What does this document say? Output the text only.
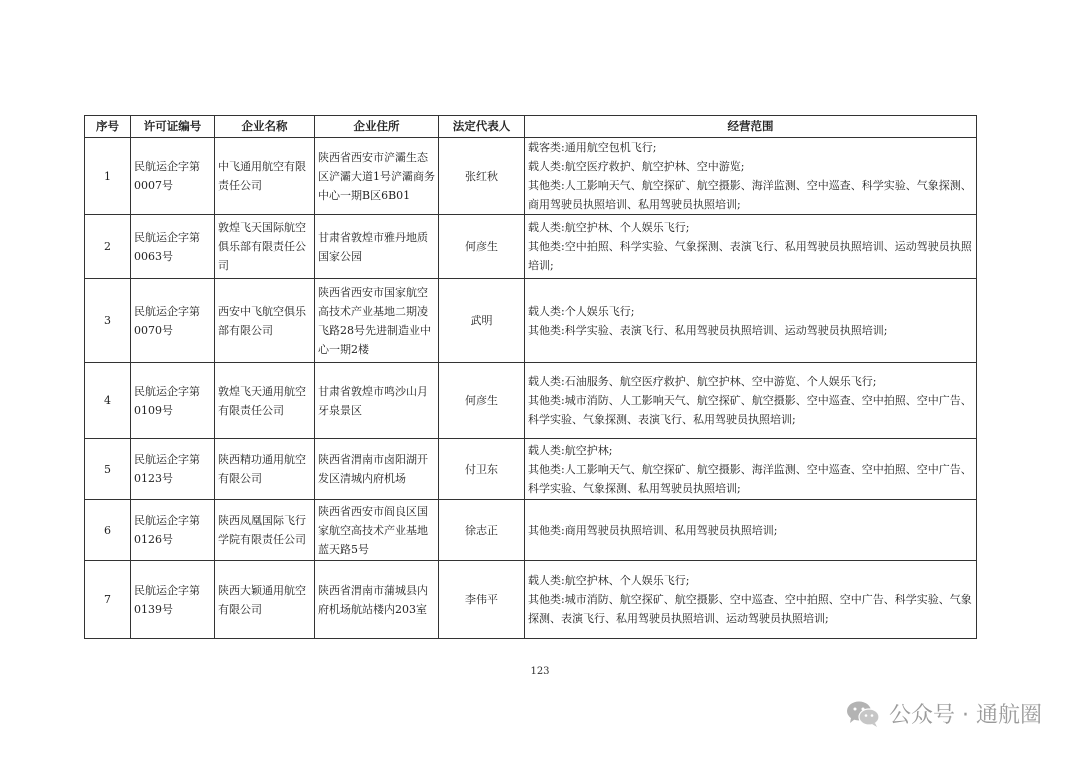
序号	许可证编号	企业名称	企业住所	法定代表人	经营范围
1	民航运企字第0007号	中飞通用航空有限责任公司	陕西省西安市浐灞生态区浐灞大道1号浐灞商务中心一期B区6B01	张红秋	载客类:通用航空包机飞行;
载人类:航空医疗救护、航空护林、空中游览;
其他类:人工影响天气、航空探矿、航空摄影、海洋监测、空中巡查、科学实验、气象探测、商用驾驶员执照培训、私用驾驶员执照培训;

2	民航运企字第0063号	敦煌飞天国际航空俱乐部有限责任公司	甘肃省敦煌市雅丹地质国家公园	何彦生	载人类:航空护林、个人娱乐飞行;
其他类:空中拍照、科学实验、气象探测、表演飞行、私用驾驶员执照培训、运动驾驶员执照培训;

3	民航运企字第0070号	西安中飞航空俱乐部有限公司	陕西省西安市国家航空高技术产业基地二期凌飞路28号先进制造业中心一期2楼	武明	载人类:个人娱乐飞行;
其他类:科学实验、表演飞行、私用驾驶员执照培训、运动驾驶员执照培训;

4	民航运企字第0109号	敦煌飞天通用航空有限责任公司	甘肃省敦煌市鸣沙山月牙泉景区	何彦生	载人类:石油服务、航空医疗救护、航空护林、空中游览、个人娱乐飞行;
其他类:城市消防、人工影响天气、航空探矿、航空摄影、空中巡查、空中拍照、空中广告、科学实验、气象探测、表演飞行、私用驾驶员执照培训;

5	民航运企字第0123号	陕西精功通用航空有限公司	陕西省渭南市卤阳湖开发区清城内府机场	付卫东	载人类:航空护林;
其他类:人工影响天气、航空探矿、航空摄影、海洋监测、空中巡查、空中拍照、空中广告、科学实验、气象探测、私用驾驶员执照培训;

6	民航运企字第0126号	陕西凤凰国际飞行学院有限责任公司	陕西省西安市阎良区国家航空高技术产业基地蓝天路5号	徐志正	其他类:商用驾驶员执照培训、私用驾驶员执照培训;

7	民航运企字第0139号	陕西大颖通用航空有限公司	陕西省渭南市蒲城县内府机场航站楼内203室	李伟平	载人类:航空护林、个人娱乐飞行;
其他类:城市消防、航空探矿、航空摄影、空中巡查、空中拍照、空中广告、科学实验、气象探测、表演飞行、私用驾驶员执照培训、运动驾驶员执照培训;
123
公众号 · 通航圈
